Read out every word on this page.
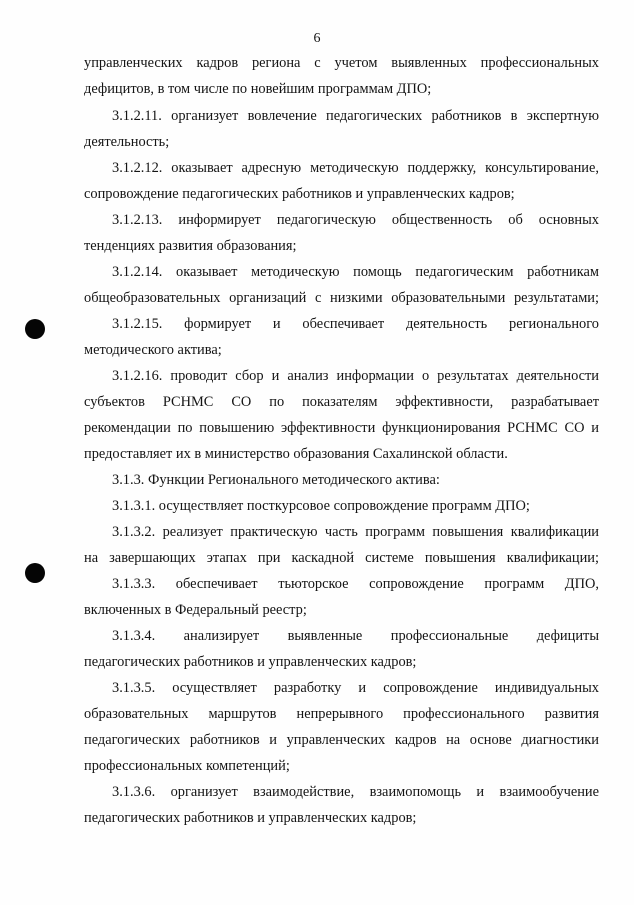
6
управленческих кадров региона с учетом выявленных профессиональных
дефицитов, в том числе по новейшим программам ДПО;
3.1.2.11. организует вовлечение педагогических работников в экспертную
деятельность;
3.1.2.12. оказывает адресную методическую поддержку, консультирование,
сопровождение педагогических работников и управленческих кадров;
3.1.2.13. информирует педагогическую общественность об основных
тенденциях развития образования;
3.1.2.14. оказывает методическую помощь педагогическим работникам
общеобразовательных организаций с низкими образовательными результатами;
3.1.2.15. формирует и обеспечивает деятельность регионального
методического актива;
3.1.2.16. проводит сбор и анализ информации о результатах деятельности
субъектов РСНМС СО по показателям эффективности, разрабатывает
рекомендации по повышению эффективности функционирования РСНМС СО и
предоставляет их в министерство образования Сахалинской области.
3.1.3. Функции Регионального методического актива:
3.1.3.1. осуществляет посткурсовое сопровождение программ ДПО;
3.1.3.2. реализует практическую часть программ повышения квалификации
на завершающих этапах при каскадной системе повышения квалификации;
3.1.3.3. обеспечивает тьюторское сопровождение программ ДПО,
включенных в Федеральный реестр;
3.1.3.4. анализирует выявленные профессиональные дефициты
педагогических работников и управленческих кадров;
3.1.3.5. осуществляет разработку и сопровождение индивидуальных
образовательных маршрутов непрерывного профессионального развития
педагогических работников и управленческих кадров на основе диагностики
профессиональных компетенций;
3.1.3.6. организует взаимодействие, взаимопомощь и взаимообучение
педагогических работников и управленческих кадров;
